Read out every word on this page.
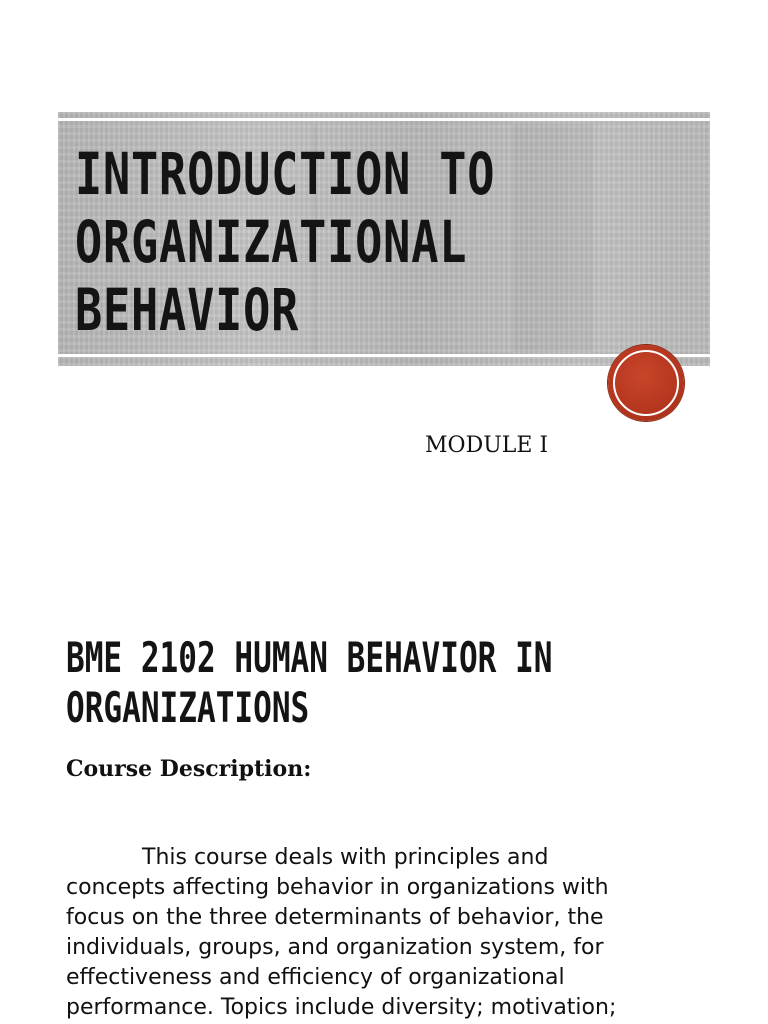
INTRODUCTION TO
ORGANIZATIONAL
BEHAVIOR
MODULE I
BME 2102 HUMAN BEHAVIOR IN
ORGANIZATIONS
Course Description:

This course deals with principles and
concepts affecting behavior in organizations with
focus on the three determinants of behavior, the
individuals, groups, and organization system, for
effectiveness and efficiency of organizational
performance. Topics include diversity; motivation;
